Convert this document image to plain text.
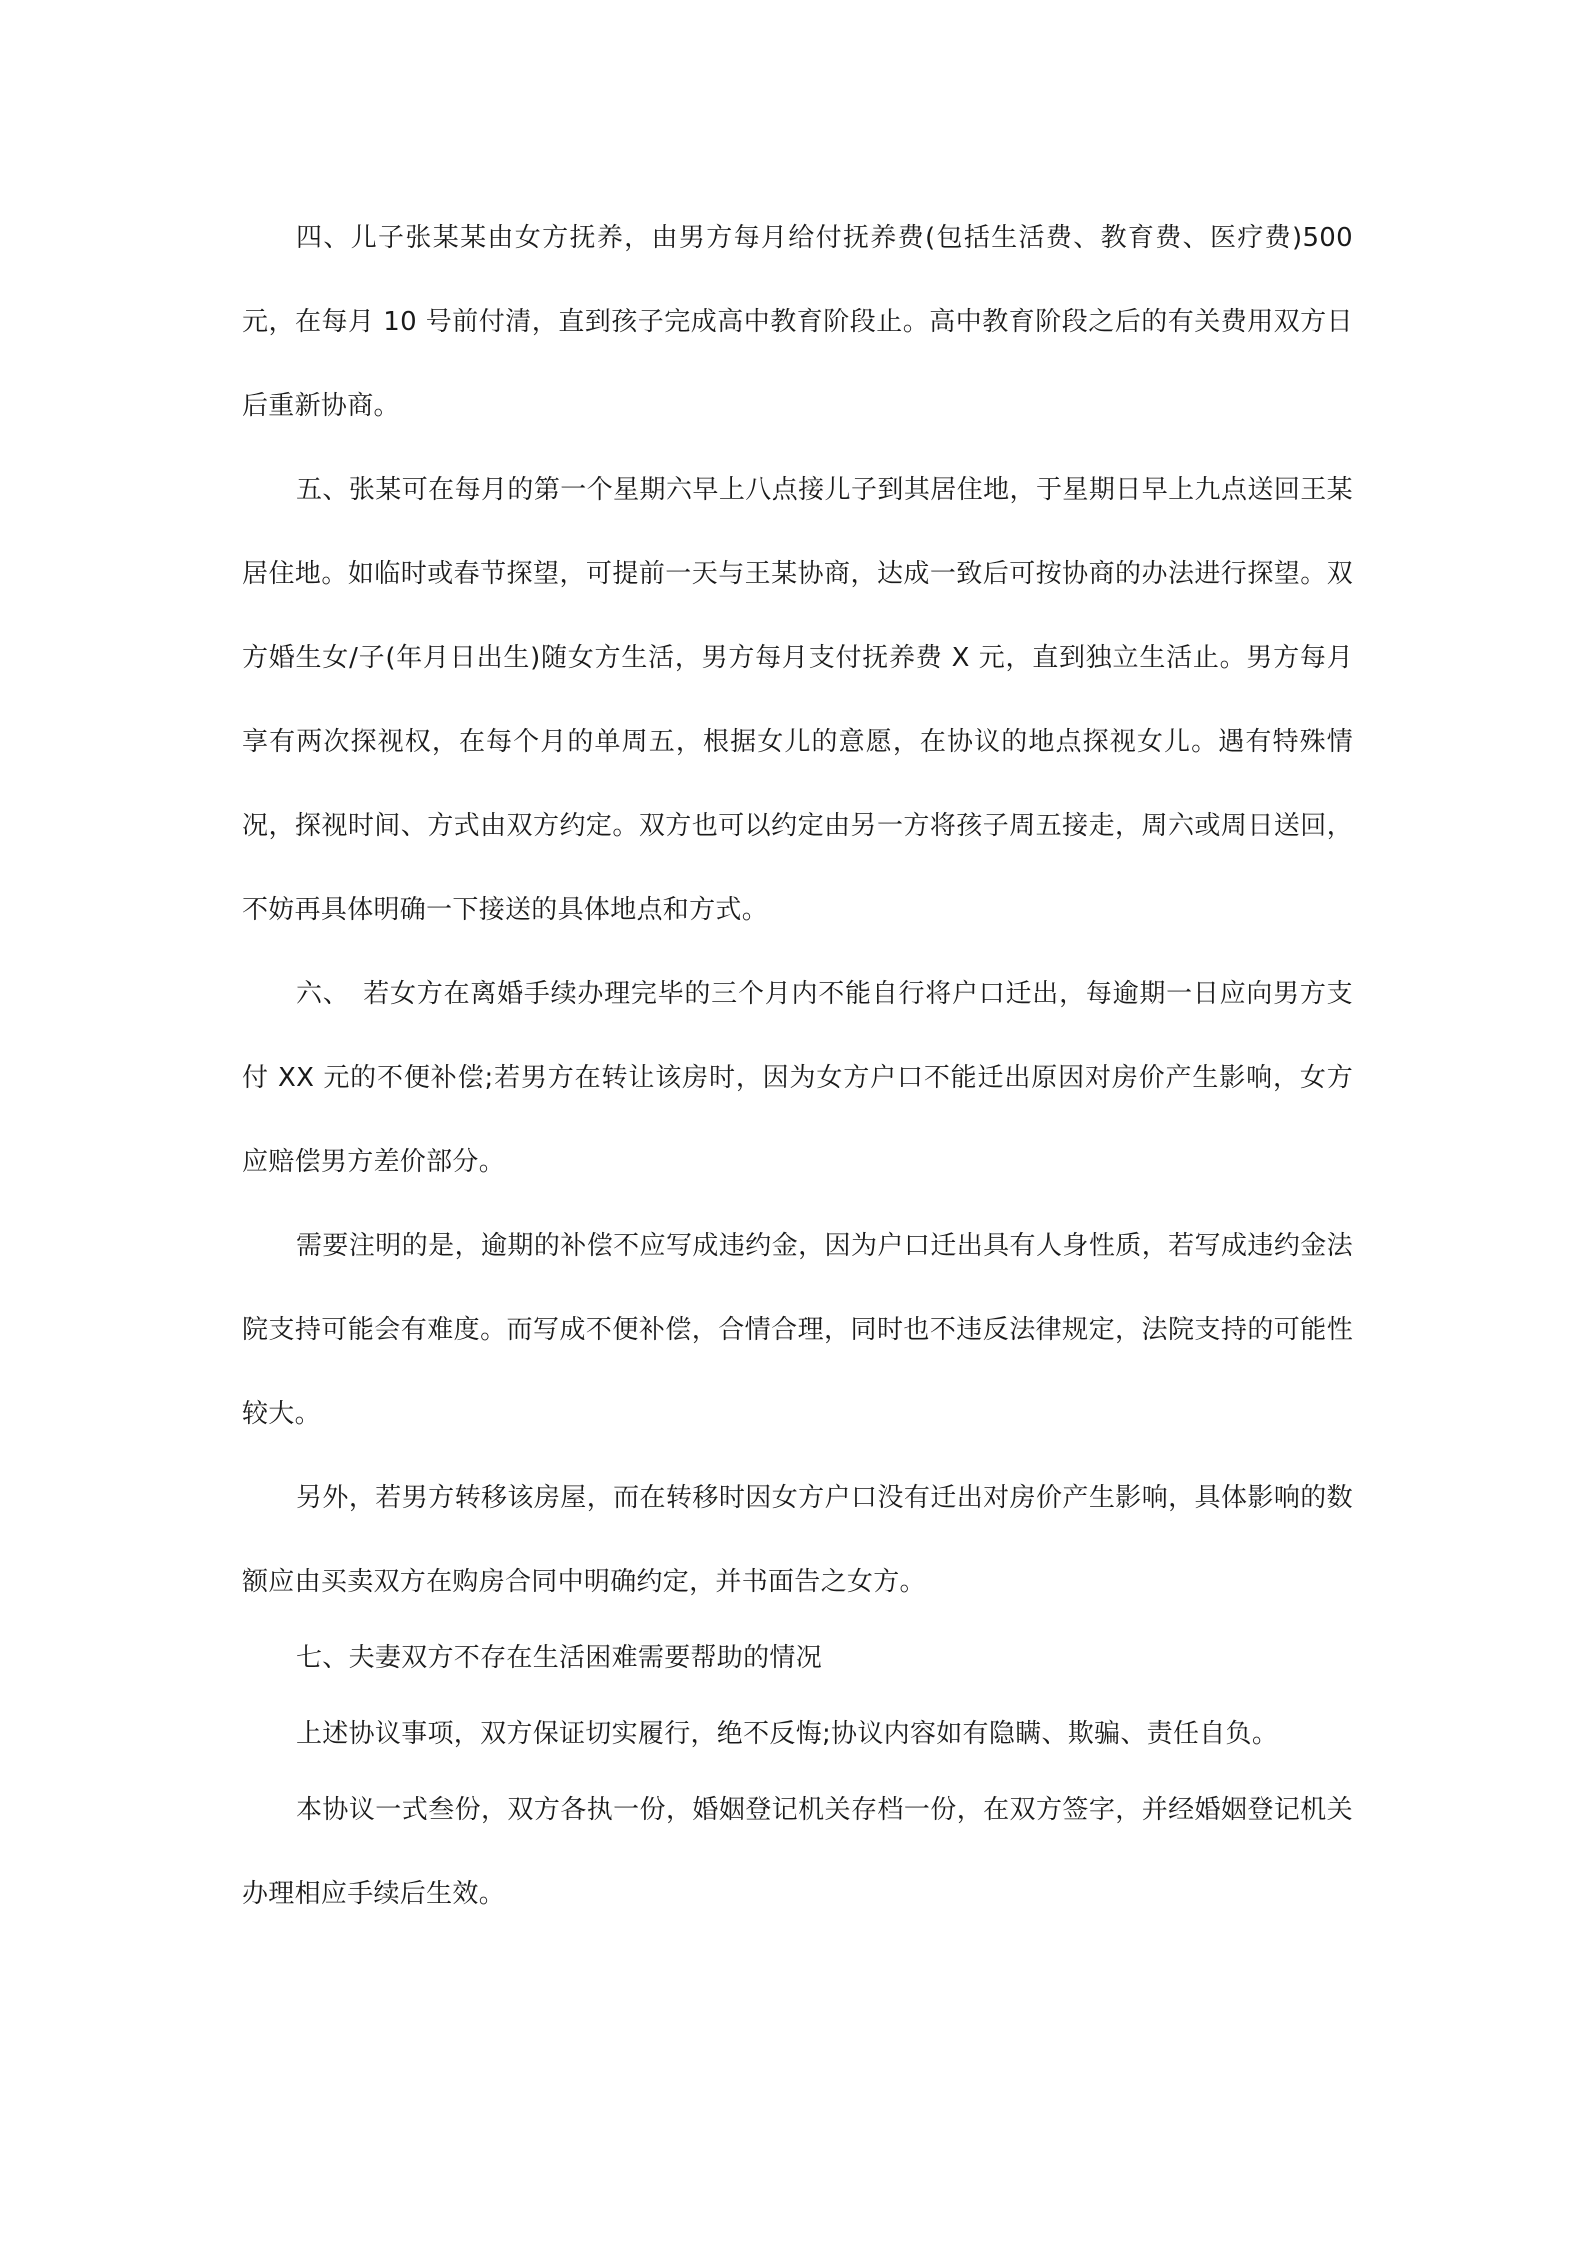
四、儿子张某某由女方抚养，由男方每月给付抚养费(包括生活费、教育费、医疗费)500元，在每月 10 号前付清，直到孩子完成高中教育阶段止。高中教育阶段之后的有关费用双方日后重新协商。

五、张某可在每月的第一个星期六早上八点接儿子到其居住地，于星期日早上九点送回王某居住地。如临时或春节探望，可提前一天与王某协商，达成一致后可按协商的办法进行探望。双方婚生女/子(年月日出生)随女方生活，男方每月支付抚养费 X 元，直到独立生活止。男方每月享有两次探视权，在每个月的单周五，根据女儿的意愿，在协议的地点探视女儿。遇有特殊情况，探视时间、方式由双方约定。双方也可以约定由另一方将孩子周五接走，周六或周日送回，不妨再具体明确一下接送的具体地点和方式。

六、　若女方在离婚手续办理完毕的三个月内不能自行将户口迁出，每逾期一日应向男方支付 XX 元的不便补偿;若男方在转让该房时，因为女方户口不能迁出原因对房价产生影响，女方应赔偿男方差价部分。

需要注明的是，逾期的补偿不应写成违约金，因为户口迁出具有人身性质，若写成违约金法院支持可能会有难度。而写成不便补偿，合情合理，同时也不违反法律规定，法院支持的可能性较大。

另外，若男方转移该房屋，而在转移时因女方户口没有迁出对房价产生影响，具体影响的数额应由买卖双方在购房合同中明确约定，并书面告之女方。

七、夫妻双方不存在生活困难需要帮助的情况

上述协议事项，双方保证切实履行，绝不反悔;协议内容如有隐瞒、欺骗、责任自负。

本协议一式叁份，双方各执一份，婚姻登记机关存档一份，在双方签字，并经婚姻登记机关办理相应手续后生效。
